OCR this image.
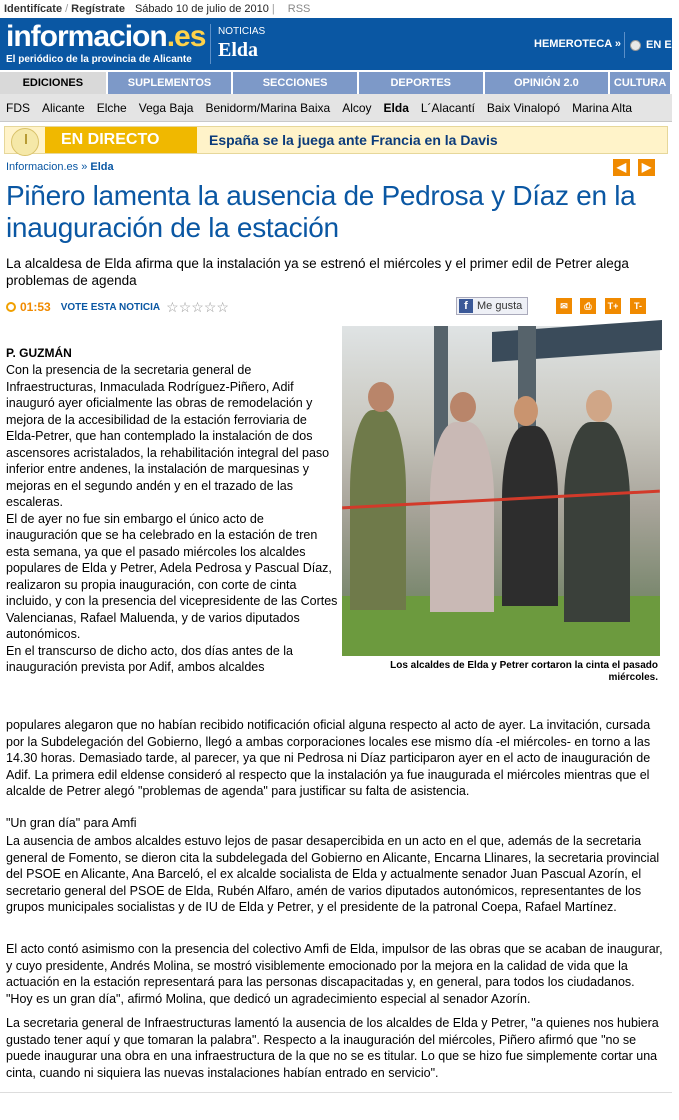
Identifícate / Regístrate Sábado 10 de julio de 2010 | RSS
informacion.es
El periódico de la provincia de Alicante
NOTICIAS
Elda	HEMEROTECA » EN ES
EDICIONES	SUPLEMENTOS	SECCIONES	DEPORTES	OPINIÓN 2.0	CULTURA
FDS	Alicante	Elche	Vega Baja	Benidorm/Marina Baixa	Alcoy	Elda	L´Alacantí	Baix Vinalopó	Marina Alta
EN DIRECTO	España se la juega ante Francia en la Davis
Informacion.es » Elda	◀	▶
Piñero lamenta la ausencia de Pedrosa y Díaz en la inauguración de la estación
La alcaldesa de Elda afirma que la instalación ya se estrenó el miércoles y el primer edil de Petrer alega problemas de agenda
01:53 VOTE ESTA NOTICIA ☆ ☆ ☆ ☆ ☆	f Me gusta	✉	⎙	T+	T-
Los alcaldes de Elda y Petrer cortaron la cinta el pasado miércoles.
P. GUZMÁN

Con la presencia de la secretaria general de Infraestructuras, Inmaculada Rodríguez-Piñero, Adif inauguró ayer oficialmente las obras de remodelación y mejora de la accesibilidad de la estación ferroviaria de Elda-Petrer, que han contemplado la instalación de dos ascensores acristalados, la rehabilitación integral del paso inferior entre andenes, la instalación de marquesinas y mejoras en el segundo andén y en el trazado de las escaleras.

El de ayer no fue sin embargo el único acto de inauguración que se ha celebrado en la estación de tren esta semana, ya que el pasado miércoles los alcaldes populares de Elda y Petrer, Adela Pedrosa y Pascual Díaz, realizaron su propia inauguración, con corte de cinta incluido, y con la presencia del vicepresidente de las Cortes Valencianas, Rafael Maluenda, y de varios diputados autonómicos.

En el transcurso de dicho acto, dos días antes de la inauguración prevista por Adif, ambos alcaldes

populares alegaron que no habían recibido notificación oficial alguna respecto al acto de ayer. La invitación, cursada por la Subdelegación del Gobierno, llegó a ambas corporaciones locales ese mismo día -el miércoles- en torno a las 14.30 horas. Demasiado tarde, al parecer, ya que ni Pedrosa ni Díaz participaron ayer en el acto de inauguración de Adif. La primera edil eldense consideró al respecto que la instalación ya fue inaugurada el miércoles mientras que el alcalde de Petrer alegó "problemas de agenda" para justificar su falta de asistencia.
"Un gran día" para Amfi
La ausencia de ambos alcaldes estuvo lejos de pasar desapercibida en un acto en el que, además de la secretaria general de Fomento, se dieron cita la subdelegada del Gobierno en Alicante, Encarna Llinares, la secretaria provincial del PSOE en Alicante, Ana Barceló, el ex alcalde socialista de Elda y actualmente senador Juan Pascual Azorín, el secretario general del PSOE de Elda, Rubén Alfaro, amén de varios diputados autonómicos, representantes de los grupos municipales socialistas y de IU de Elda y Petrer, y el presidente de la patronal Coepa, Rafael Martínez.
El acto contó asimismo con la presencia del colectivo Amfi de Elda, impulsor de las obras que se acaban de inaugurar, y cuyo presidente, Andrés Molina, se mostró visiblemente emocionado por la mejora en la calidad de vida que la actuación en la estación representará para las personas discapacitadas y, en general, para todos los ciudadanos. "Hoy es un gran día", afirmó Molina, que dedicó un agradecimiento especial al senador Azorín.
La secretaria general de Infraestructuras lamentó la ausencia de los alcaldes de Elda y Petrer, "a quienes nos hubiera gustado tener aquí y que tomaran la palabra". Respecto a la inauguración del miércoles, Piñero afirmó que "no se puede inaugurar una obra en una infraestructura de la que no se es titular. Lo que se hizo fue simplemente cortar una cinta, cuando ni siquiera las nuevas instalaciones habían entrado en servicio".
